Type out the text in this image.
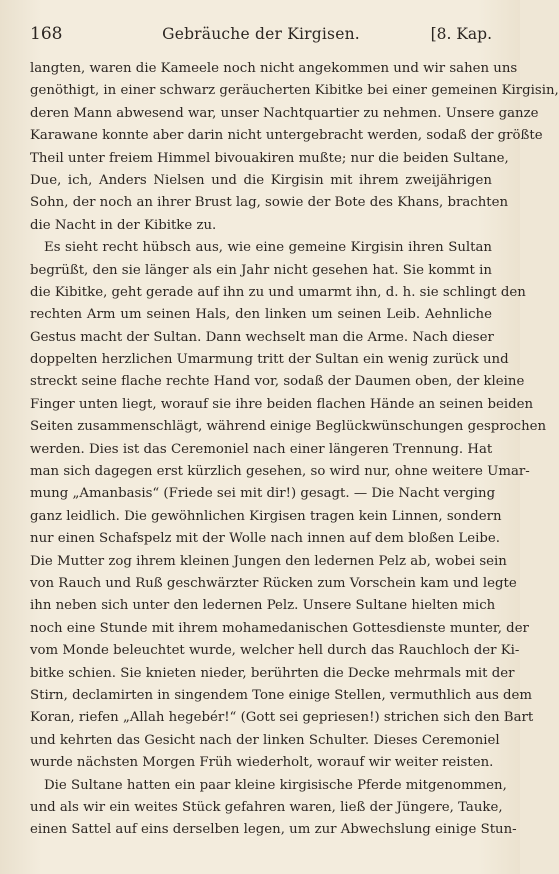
168	Gebräuche der Kirgisen.	[8. Kap.
langten, waren die Kameele noch nicht angekommen und wir sahen uns
genöthigt, in einer schwarz geräucherten Kibitke bei einer gemeinen Kirgisin,
deren Mann abwesend war, unser Nachtquartier zu nehmen. Unsere ganze
Karawane konnte aber darin nicht untergebracht werden, sodaß der größte
Theil unter freiem Himmel bivouakiren mußte; nur die beiden Sultane,
Due, ich, Anders Nielsen und die Kirgisin mit ihrem zweijährigen
Sohn, der noch an ihrer Brust lag, sowie der Bote des Khans, brachten
die Nacht in der Kibitke zu.
Es sieht recht hübsch aus, wie eine gemeine Kirgisin ihren Sultan
begrüßt, den sie länger als ein Jahr nicht gesehen hat. Sie kommt in
die Kibitke, geht gerade auf ihn zu und umarmt ihn, d. h. sie schlingt den
rechten Arm um seinen Hals, den linken um seinen Leib. Aehnliche
Gestus macht der Sultan. Dann wechselt man die Arme. Nach dieser
doppelten herzlichen Umarmung tritt der Sultan ein wenig zurück und
streckt seine flache rechte Hand vor, sodaß der Daumen oben, der kleine
Finger unten liegt, worauf sie ihre beiden flachen Hände an seinen beiden
Seiten zusammenschlägt, während einige Beglückwünschungen gesprochen
werden. Dies ist das Ceremoniel nach einer längeren Trennung. Hat
man sich dagegen erst kürzlich gesehen, so wird nur, ohne weitere Umar-
mung „Amanbasis“ (Friede sei mit dir!) gesagt. — Die Nacht verging
ganz leidlich. Die gewöhnlichen Kirgisen tragen kein Linnen, sondern
nur einen Schafspelz mit der Wolle nach innen auf dem bloßen Leibe.
Die Mutter zog ihrem kleinen Jungen den ledernen Pelz ab, wobei sein
von Rauch und Ruß geschwärzter Rücken zum Vorschein kam und legte
ihn neben sich unter den ledernen Pelz. Unsere Sultane hielten mich
noch eine Stunde mit ihrem mohamedanischen Gottesdienste munter, der
vom Monde beleuchtet wurde, welcher hell durch das Rauchloch der Ki-
bitke schien. Sie knieten nieder, berührten die Decke mehrmals mit der
Stirn, declamirten in singendem Tone einige Stellen, vermuthlich aus dem
Koran, riefen „Allah hegebér!“ (Gott sei gepriesen!) strichen sich den Bart
und kehrten das Gesicht nach der linken Schulter. Dieses Ceremoniel
wurde nächsten Morgen Früh wiederholt, worauf wir weiter reisten.
Die Sultane hatten ein paar kleine kirgisische Pferde mitgenommen,
und als wir ein weites Stück gefahren waren, ließ der Jüngere, Tauke,
einen Sattel auf eins derselben legen, um zur Abwechslung einige Stun-
